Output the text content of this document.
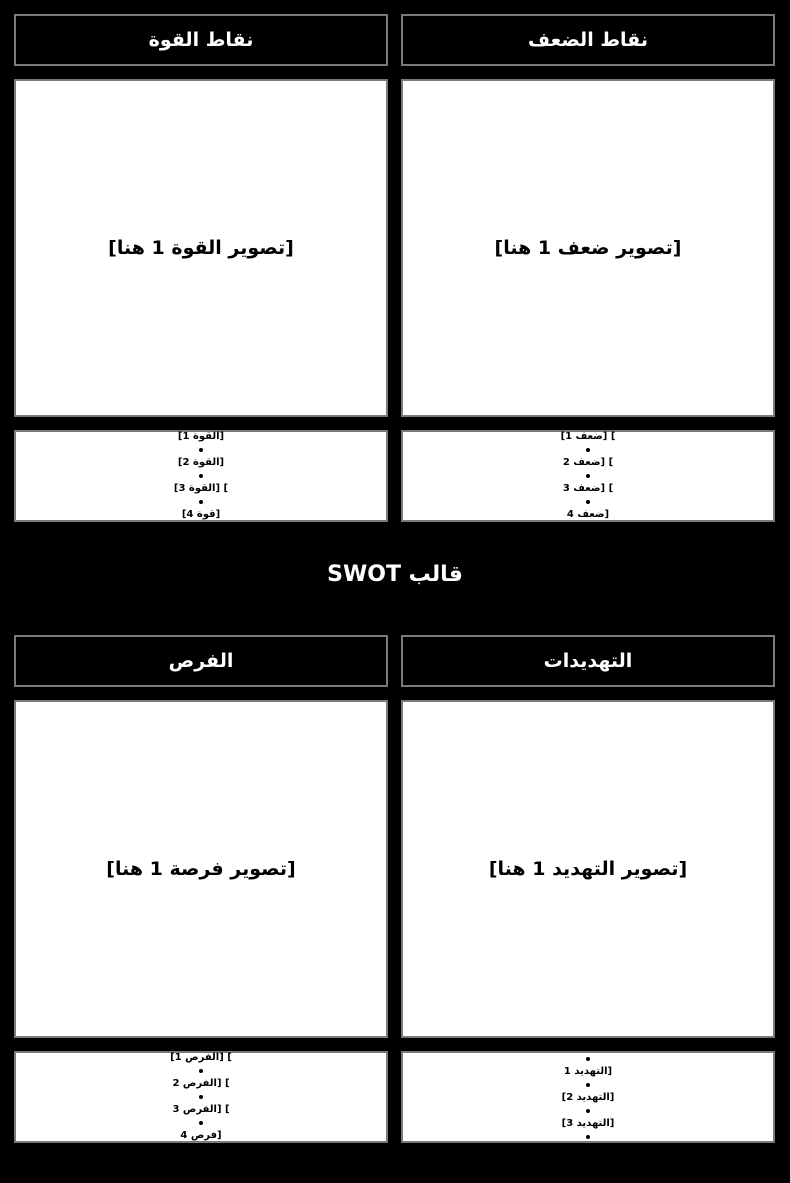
نقاط القوة
[تصوير القوة 1 هنا]
[القوة 1]
[القوة 2]
] [القوة 3]
[قوة 4]
نقاط الضعف
[تصوير ضعف 1 هنا]
] [ضعف 1]
] [ضعف 2
] [ضعف 3
[ضعف 4
قالب SWOT
الفرص
[تصوير فرصة 1 هنا]
] [الفرص 1]
] [الفرص 2
] [الفرص 3
[فرص 4
التهديدات
[تصوير التهديد 1 هنا]
[التهديد 1
[التهديد 2]
[التهديد 3]
[التهديد 4]
